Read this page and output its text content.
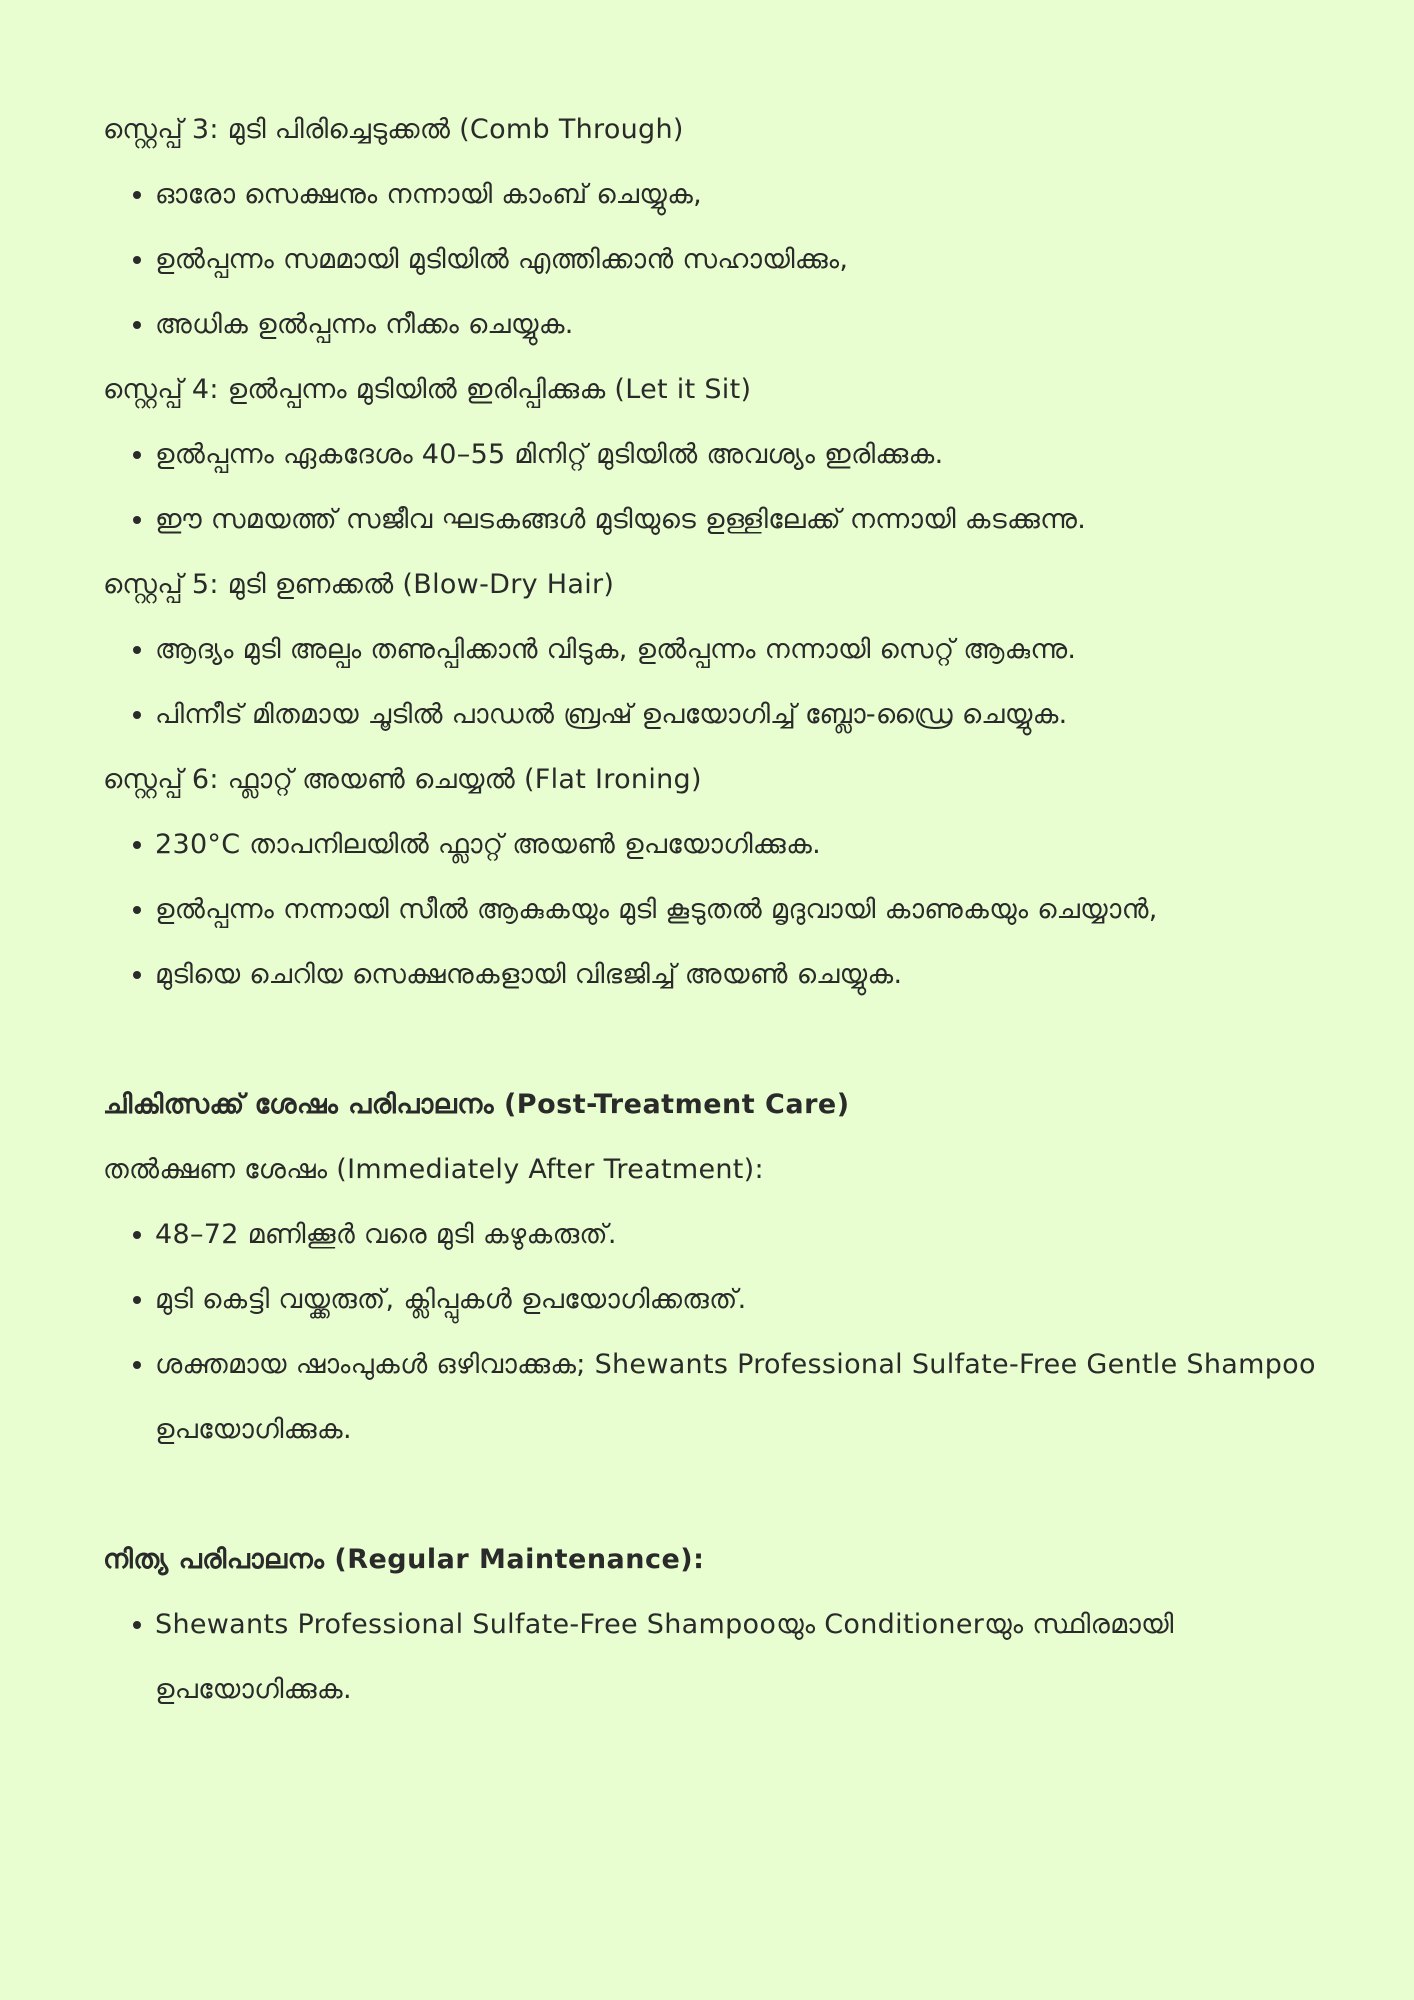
സ്റ്റെപ്പ് 3: മുടി പിരിച്ചെടുക്കൽ (Comb Through)

ഓരോ സെക്ഷനും നന്നായി കാംബ് ചെയ്യുക,
ഉൽപ്പന്നം സമമായി മുടിയിൽ എത്തിക്കാൻ സഹായിക്കും,
അധിക ഉൽപ്പന്നം നീക്കം ചെയ്യുക.

സ്റ്റെപ്പ് 4: ഉൽപ്പന്നം മുടിയിൽ ഇരിപ്പിക്കുക (Let it Sit)

ഉൽപ്പന്നം ഏകദേശം 40–55 മിനിറ്റ് മുടിയിൽ അവശ്യം ഇരിക്കുക.
ഈ സമയത്ത് സജീവ ഘടകങ്ങൾ മുടിയുടെ ഉള്ളിലേക്ക് നന്നായി കടക്കുന്നു.

സ്റ്റെപ്പ് 5: മുടി ഉണക്കൽ (Blow-Dry Hair)

ആദ്യം മുടി അല്പം തണുപ്പിക്കാൻ വിടുക, ഉൽപ്പന്നം നന്നായി സെറ്റ് ആകുന്നു.
പിന്നീട് മിതമായ ചൂടിൽ പാഡൽ ബ്രഷ് ഉപയോഗിച്ച് ബ്ലോ-ഡ്രൈ ചെയ്യുക.

സ്റ്റെപ്പ് 6: ഫ്ലാറ്റ് അയൺ ചെയ്യൽ (Flat Ironing)

230°C താപനിലയിൽ ഫ്ലാറ്റ് അയൺ ഉപയോഗിക്കുക.
ഉൽപ്പന്നം നന്നായി സീൽ ആകുകയും മുടി കൂടുതൽ മൃദുവായി കാണുകയും ചെയ്യാൻ,
മുടിയെ ചെറിയ സെക്ഷനുകളായി വിഭജിച്ച് അയൺ ചെയ്യുക.

ചികിത്സക്ക് ശേഷം പരിപാലനം (Post-Treatment Care)

തൽക്ഷണ ശേഷം (Immediately After Treatment):

48–72 മണിക്കൂർ വരെ മുടി കഴുകരുത്.
മുടി കെട്ടി വയ്ക്കരുത്, ക്ലിപ്പുകൾ ഉപയോഗിക്കരുത്.
ശക്തമായ ഷാംപുകൾ ഒഴിവാക്കുക; Shewants Professional Sulfate-Free Gentle Shampoo ഉപയോഗിക്കുക.

നിത്യ പരിപാലനം (Regular Maintenance):

Shewants Professional Sulfate-Free Shampooയും Conditionerയും സ്ഥിരമായി ഉപയോഗിക്കുക.
